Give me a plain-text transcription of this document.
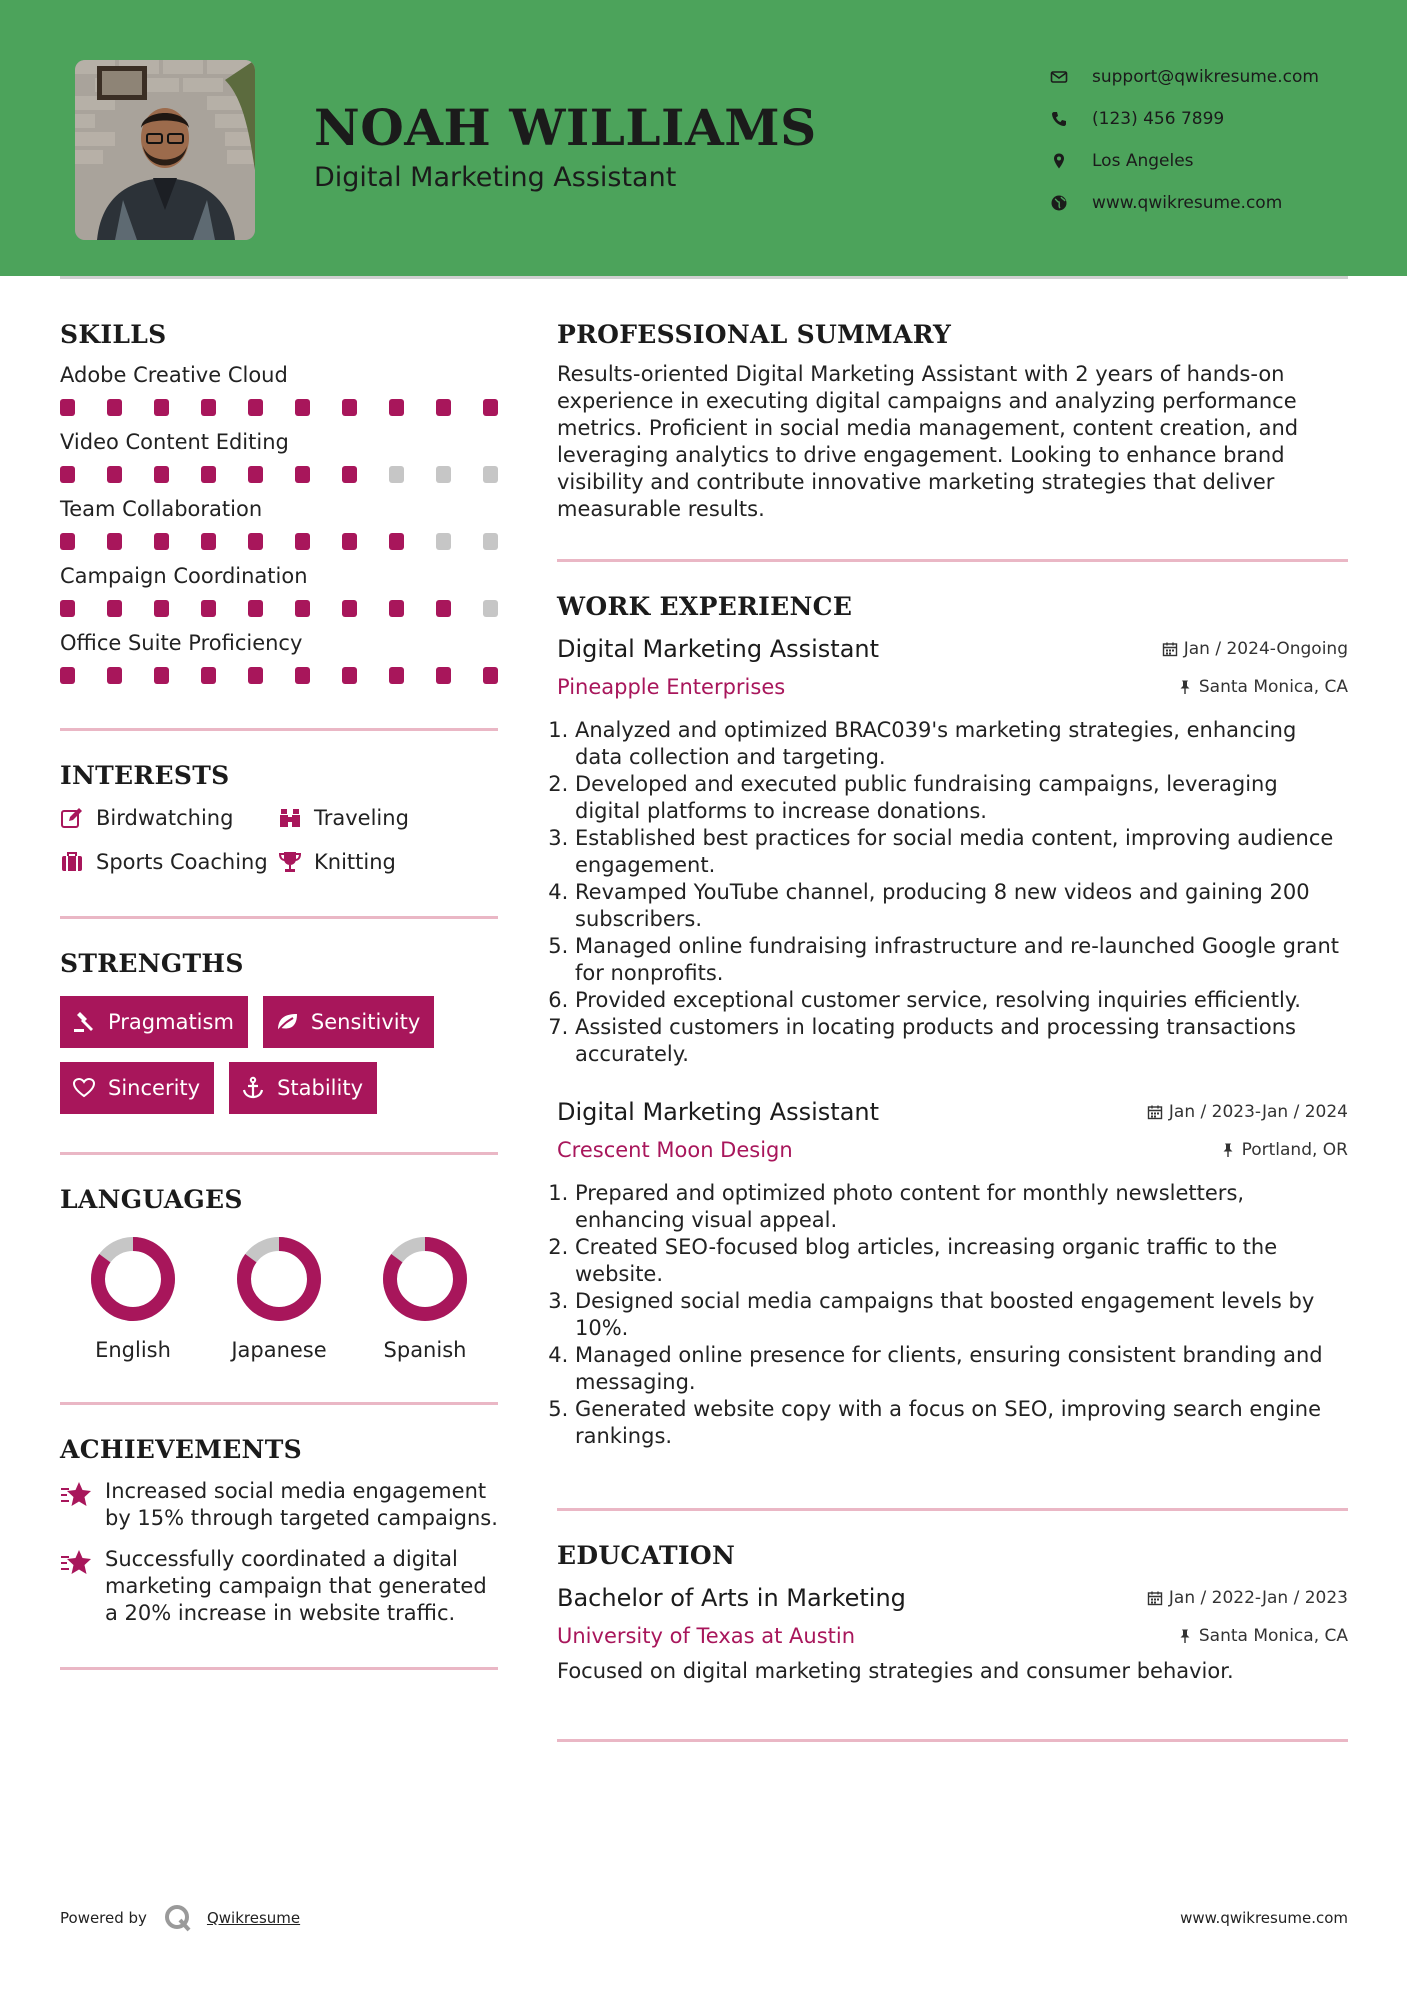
NOAH WILLIAMS
Digital Marketing Assistant
support@qwikresume.com
(123) 456 7899
Los Angeles
www.qwikresume.com
SKILLS
Adobe Creative Cloud
Video Content Editing
Team Collaboration
Campaign Coordination
Office Suite Proficiency
INTERESTS
Birdwatching	Traveling
Sports Coaching Knitting
STRENGTHS
Pragmatism	Sensitivity
Sincerity	Stability
LANGUAGES
English	Japanese	Spanish
ACHIEVEMENTS
Increased social media engagement by 15% through targeted campaigns.
Successfully coordinated a digital marketing campaign that generated a 20% increase in website traffic.
PROFESSIONAL SUMMARY
Results-oriented Digital Marketing Assistant with 2 years of hands-on experience in executing digital campaigns and analyzing performance metrics. Proficient in social media management, content creation, and leveraging analytics to drive engagement. Looking to enhance brand visibility and contribute innovative marketing strategies that deliver measurable results.
WORK EXPERIENCE
Digital Marketing Assistant	Jan / 2024-Ongoing
Pineapple Enterprises	Santa Monica, CA
1. Analyzed and optimized BRAC039's marketing strategies, enhancing data collection and targeting.
2. Developed and executed public fundraising campaigns, leveraging digital platforms to increase donations.
3. Established best practices for social media content, improving audience engagement.
4. Revamped YouTube channel, producing 8 new videos and gaining 200 subscribers.
5. Managed online fundraising infrastructure and re-launched Google grant for nonprofits.
6. Provided exceptional customer service, resolving inquiries efficiently.
7. Assisted customers in locating products and processing transactions accurately.
Digital Marketing Assistant	Jan / 2023-Jan / 2024
Crescent Moon Design	Portland, OR
1. Prepared and optimized photo content for monthly newsletters, enhancing visual appeal.
2. Created SEO-focused blog articles, increasing organic traffic to the website.
3. Designed social media campaigns that boosted engagement levels by 10%.
4. Managed online presence for clients, ensuring consistent branding and messaging.
5. Generated website copy with a focus on SEO, improving search engine rankings.
EDUCATION
Bachelor of Arts in Marketing	Jan / 2022-Jan / 2023
University of Texas at Austin	Santa Monica, CA
Focused on digital marketing strategies and consumer behavior.
Powered by	Qwikresume	www.qwikresume.com
